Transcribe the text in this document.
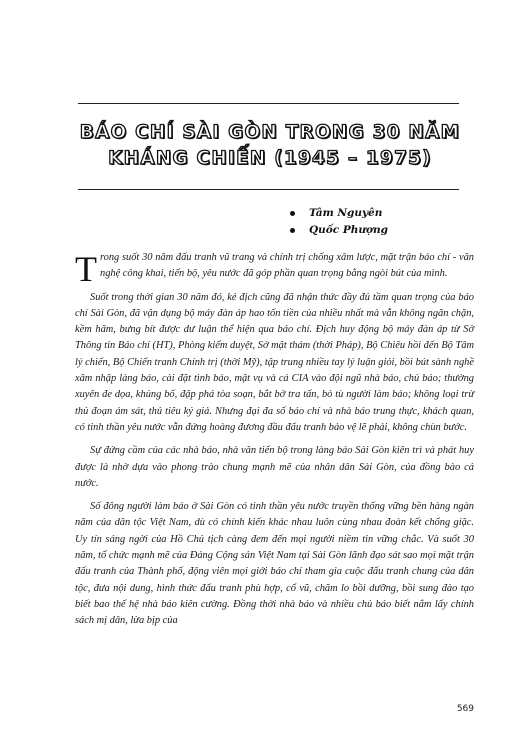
BÁO CHÍ SÀI GÒN TRONG 30 NĂM
KHÁNG CHIẾN (1945 – 1975)
Tâm Nguyên
Quốc Phượng

Trong suốt 30 năm đấu tranh vũ trang và chính trị chống xâm lược, mặt trận báo chí - văn nghệ công khai, tiến bộ, yêu nước đã góp phần quan trọng bằng ngòi bút của mình.

Suốt trong thời gian 30 năm đó, kẻ địch cũng đã nhận thức đầy đủ tầm quan trọng của báo chí Sài Gòn, đã vận dụng bộ máy đàn áp hao tốn tiền của nhiều nhất mà vẫn không ngăn chặn, kềm hãm, bưng bít được dư luận thể hiện qua báo chí. Địch huy động bộ máy đàn áp từ Sở Thông tin Báo chí (HT), Phòng kiểm duyệt, Sở mật thám (thời Pháp), Bộ Chiêu hồi đến Bộ Tâm lý chiến, Bộ Chiến tranh Chính trị (thời Mỹ), tập trung nhiều tay lý luận giỏi, bồi bút sành nghề xâm nhập làng báo, cài đặt tình báo, mật vụ và cả CIA vào đội ngũ nhà báo, chủ báo; thường xuyên đe dọa, khủng bố, đập phá tòa soạn, bắt bớ tra tấn, bỏ tù người làm báo; không loại trừ thủ đoạn ám sát, thủ tiêu ký giả. Nhưng đại đa số báo chí và nhà báo trung thực, khách quan, có tinh thần yêu nước vẫn đứng hoàng đương đầu đấu tranh bảo vệ lẽ phải, không chùn bước.

Sự đứng cầm của các nhà báo, nhà văn tiến bộ trong làng báo Sài Gòn kiên trì và phát huy được là nhờ dựa vào phong trào chung mạnh mẽ của nhân dân Sài Gòn, của đồng bào cả nước.

Số đông người làm báo ở Sài Gòn có tinh thần yêu nước truyền thống vững bền hàng ngàn năm của dân tộc Việt Nam, dù có chính kiến khác nhau luôn cùng nhau đoàn kết chống giặc. Uy tín sáng ngời của Hồ Chủ tịch càng đem đến mọi người niềm tin vững chắc. Và suốt 30 năm, tổ chức mạnh mẽ của Đảng Cộng sản Việt Nam tại Sài Gòn lãnh đạo sát sao mọi mặt trận đấu tranh của Thành phố, động viên mọi giới báo chí tham gia cuộc đấu tranh chung của dân tộc, đưa nội dung, hình thức đấu tranh phù hợp, cổ vũ, chăm lo bồi dưỡng, bồi sung đào tạo biết bao thế hệ nhà báo kiên cường. Đồng thời nhà báo và nhiều chủ báo biết nắm lấy chính sách mị dân, lừa bịp của

569
